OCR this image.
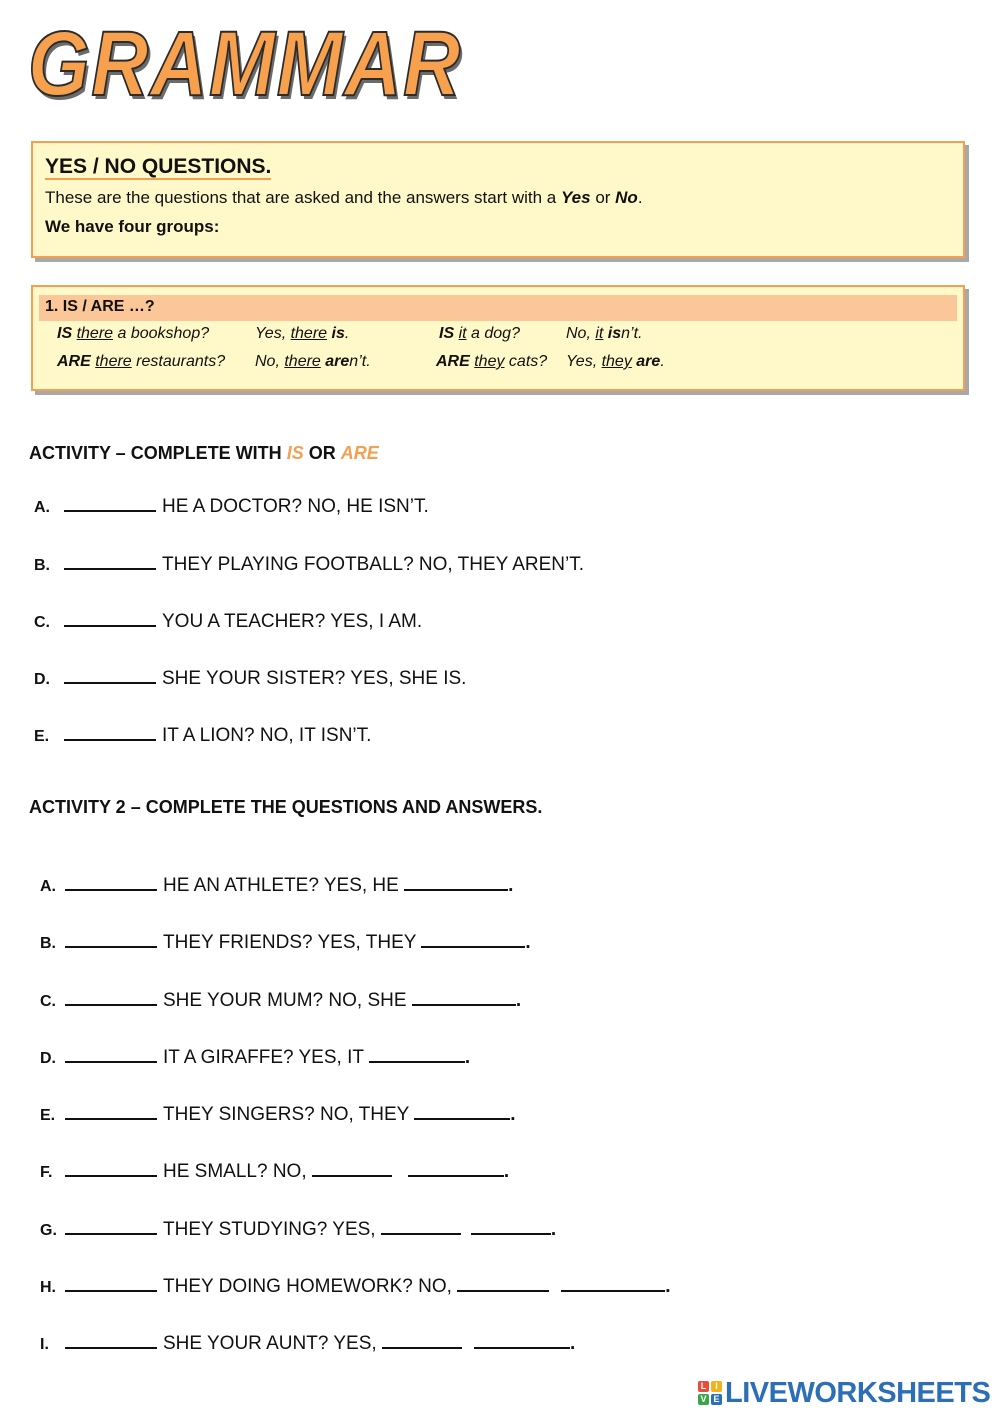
GRAMMAR
YES / NO QUESTIONS.
These are the questions that are asked and the answers start with a Yes or No.
We have four groups:
1. IS / ARE …?
IS there a bookshop?	Yes, there is.	IS it a dog?	No, it isn’t.
ARE there restaurants? No, there aren’t.	ARE they cats? Yes, they are.
ACTIVITY – COMPLETE WITH IS OR ARE
A.	HE A DOCTOR? NO, HE ISN’T.
B.	THEY PLAYING FOOTBALL? NO, THEY AREN’T.
C.	YOU A TEACHER? YES, I AM.
D.	SHE YOUR SISTER? YES, SHE IS.
E.	IT A LION? NO, IT ISN’T.
ACTIVITY 2 – COMPLETE THE QUESTIONS AND ANSWERS.
A.	HE AN ATHLETE? YES, HE	.
B.	THEY FRIENDS? YES, THEY	.
C.	SHE YOUR MUM? NO, SHE	.
D.	IT A GIRAFFE? YES, IT	.
E.	THEY SINGERS? NO, THEY	.
F.	HE SMALL? NO,	.
G.	THEY STUDYING? YES,	.
H.	THEY DOING HOMEWORK? NO,	.
I.	SHE YOUR AUNT? YES,	.
L I
V E LIVEWORKSHEETS
